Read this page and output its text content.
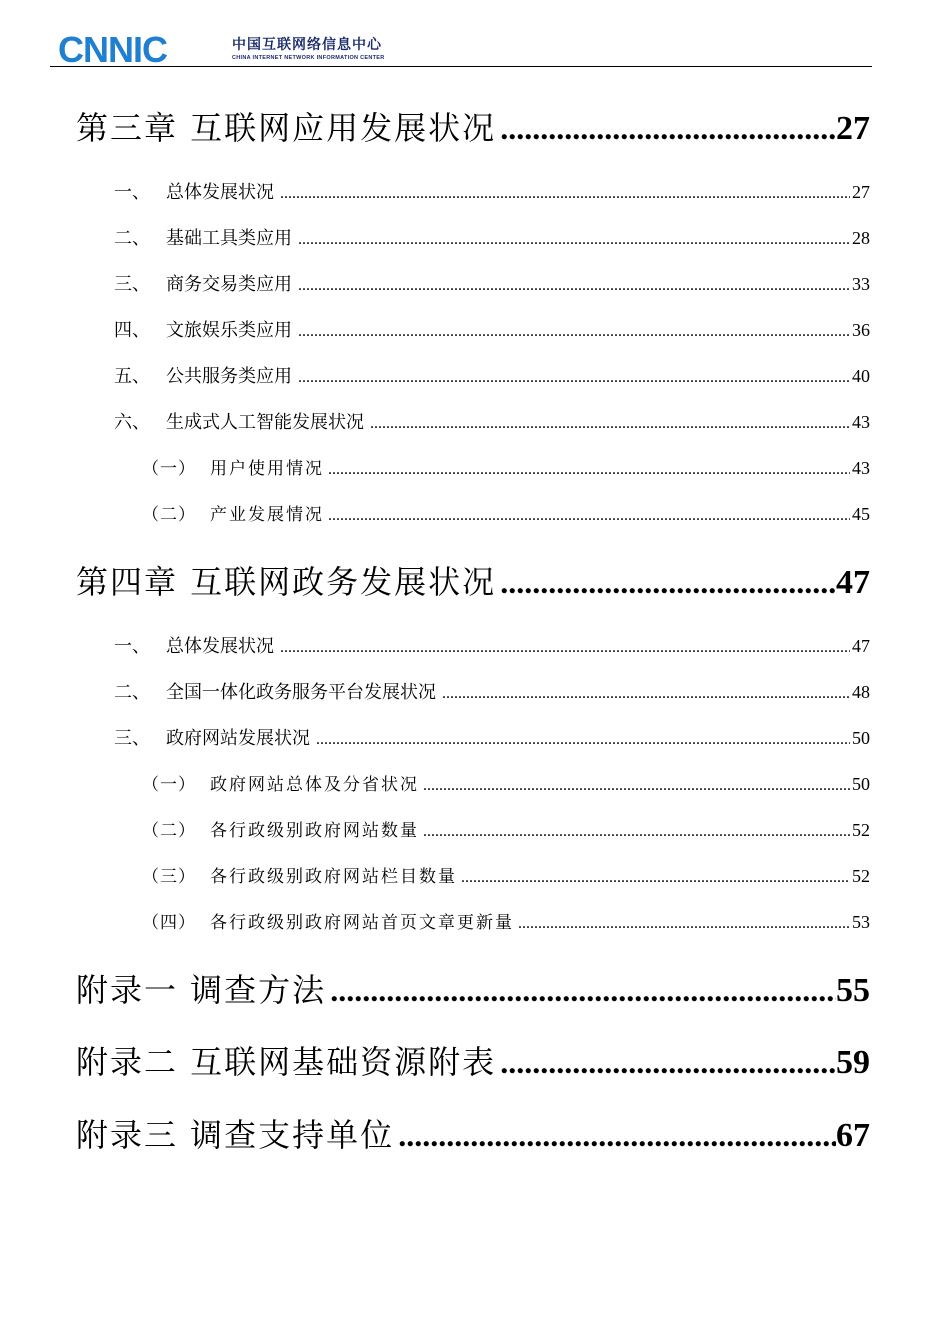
CNNIC	中国互联网络信息中心
CHINA INTERNET NETWORK INFORMATION CENTER
第三章 互联网应用发展状况 .....	27
一、 总体发展状况 .....	27
二、 基础工具类应用 .....	28
三、 商务交易类应用 .....	33
四、 文旅娱乐类应用 .....	36
五、 公共服务类应用 .....	40
六、 生成式人工智能发展状况 .....	43
（一） 用户使用情况 .....	43
（二） 产业发展情况 .....	45
第四章 互联网政务发展状况 .....	47
一、 总体发展状况 .....	47
二、 全国一体化政务服务平台发展状况 .....	48
三、 政府网站发展状况 .....	50
（一） 政府网站总体及分省状况 .....	50
（二） 各行政级别政府网站数量 .....	52
（三） 各行政级别政府网站栏目数量 .....	52
（四） 各行政级别政府网站首页文章更新量 .....	53
附录一 调查方法 .....	55
附录二 互联网基础资源附表 .....	59
附录三 调查支持单位 .....	67
